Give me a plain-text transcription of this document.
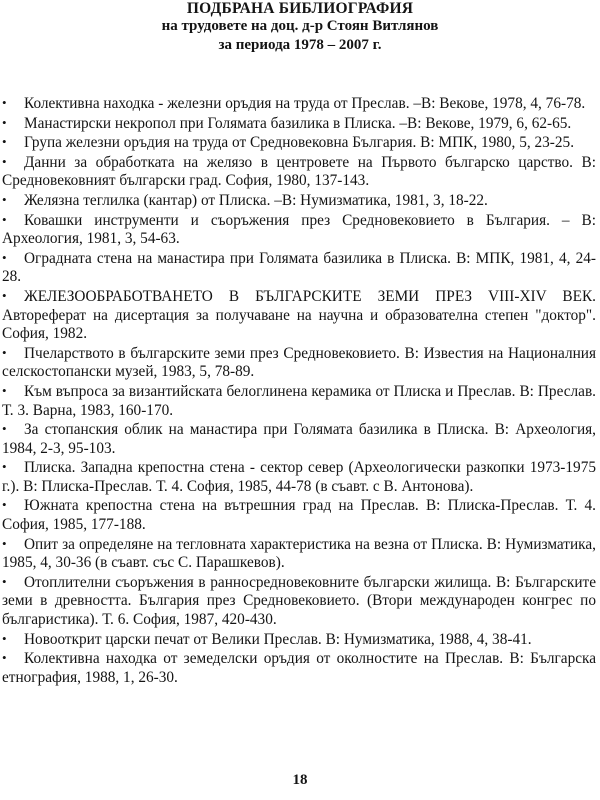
ПОДБРАНА БИБЛИОГРАФИЯ
на трудовете на доц. д-р Стоян Витлянов
за периода 1978 – 2007 г.
• Колективна находка - железни оръдия на труда от Преслав. –В: Векове, 1978, 4, 76-78.
• Манастирски некропол при Голямата базилика в Плиска. –В: Векове, 1979, 6, 62-65.
• Група железни оръдия на труда от Средновековна България. В: МПК, 1980, 5, 23-25.
• Данни за обработката на желязо в центровете на Първото българско царство. В: Средновековният български град. София, 1980, 137-143.
• Желязна теглилка (кантар) от Плиска. –В: Нумизматика, 1981, 3, 18-22.
• Ковашки инструменти и съоръжения през Средновековието в България. – В: Археология, 1981, 3, 54-63.
• Оградната стена на манастира при Голямата базилика в Плиска. В: МПК, 1981, 4, 24-28.
• ЖЕЛЕЗООБРАБОТВАНЕТО В БЪЛГАРСКИТЕ ЗЕМИ ПРЕЗ VIII-XIV ВЕК. Автореферат на дисертация за получаване на научна и образователна степен "доктор". София, 1982.
• Пчеларството в българските земи през Средновековието. В: Известия на Националния селскостопански музей, 1983, 5, 78-89.
• Към въпроса за византийската белоглинена керамика от Плиска и Преслав. В: Преслав. Т. 3. Варна, 1983, 160-170.
• За стопанския облик на манастира при Голямата базилика в Плиска. В: Археология, 1984, 2-3, 95-103.
• Плиска. Западна крепостна стена - сектор север (Археологически разкопки 1973-1975 г.). В: Плиска-Преслав. Т. 4. София, 1985, 44-78 (в съавт. с В. Антонова).
• Южната крепостна стена на вътрешния град на Преслав. В: Плиска-Преслав. Т. 4. София, 1985, 177-188.
• Опит за определяне на тегловната характеристика на везна от Плиска. В: Нумизматика, 1985, 4, 30-36 (в съавт. със С. Парашкевов).
• Отоплителни съоръжения в ранносредновековните български жилища. В: Българските земи в древността. България през Средновековието. (Втори международен конгрес по българистика). Т. 6. София, 1987, 420-430.
• Новооткрит царски печат от Велики Преслав. В: Нумизматика, 1988, 4, 38-41.
• Колективна находка от земеделски оръдия от околностите на Преслав. В: Българска етнография, 1988, 1, 26-30.
18
